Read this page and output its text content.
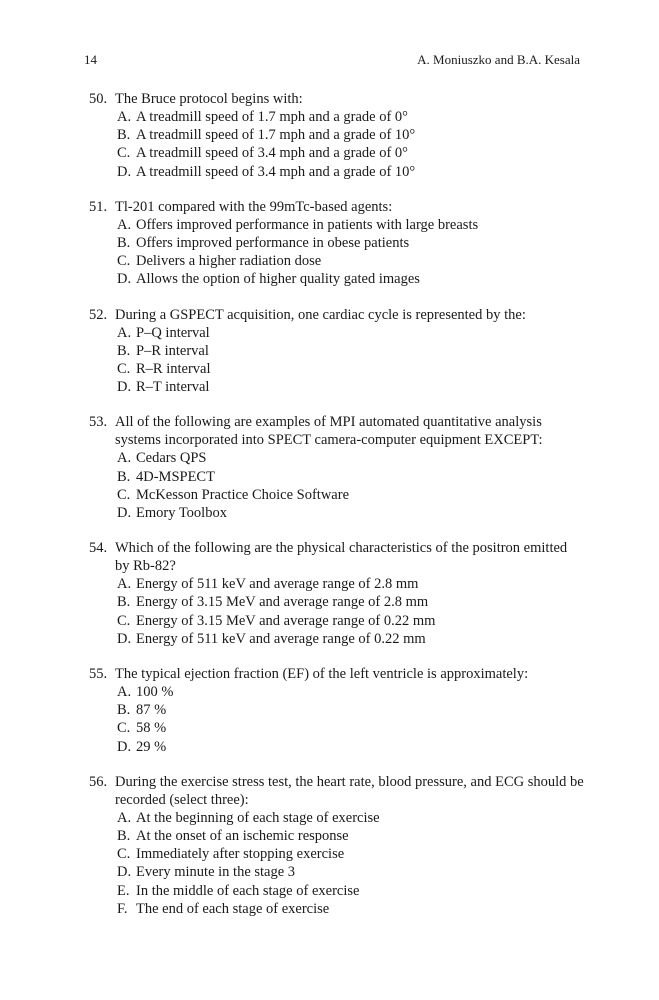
14	A. Moniuszko and B.A. Kesala
50. The Bruce protocol begins with:
A. A treadmill speed of 1.7 mph and a grade of 0°
B. A treadmill speed of 1.7 mph and a grade of 10°
C. A treadmill speed of 3.4 mph and a grade of 0°
D. A treadmill speed of 3.4 mph and a grade of 10°
51. Tl-201 compared with the 99mTc-based agents:
A. Offers improved performance in patients with large breasts
B. Offers improved performance in obese patients
C. Delivers a higher radiation dose
D. Allows the option of higher quality gated images
52. During a GSPECT acquisition, one cardiac cycle is represented by the:
A. P–Q interval
B. P–R interval
C. R–R interval
D. R–T interval
53. All of the following are examples of MPI automated quantitative analysis systems incorporated into SPECT camera-computer equipment EXCEPT:
A. Cedars QPS
B. 4D-MSPECT
C. McKesson Practice Choice Software
D. Emory Toolbox
54. Which of the following are the physical characteristics of the positron emitted by Rb-82?
A. Energy of 511 keV and average range of 2.8 mm
B. Energy of 3.15 MeV and average range of 2.8 mm
C. Energy of 3.15 MeV and average range of 0.22 mm
D. Energy of 511 keV and average range of 0.22 mm
55. The typical ejection fraction (EF) of the left ventricle is approximately:
A. 100 %
B. 87 %
C. 58 %
D. 29 %
56. During the exercise stress test, the heart rate, blood pressure, and ECG should be recorded (select three):
A. At the beginning of each stage of exercise
B. At the onset of an ischemic response
C. Immediately after stopping exercise
D. Every minute in the stage 3
E. In the middle of each stage of exercise
F. The end of each stage of exercise
